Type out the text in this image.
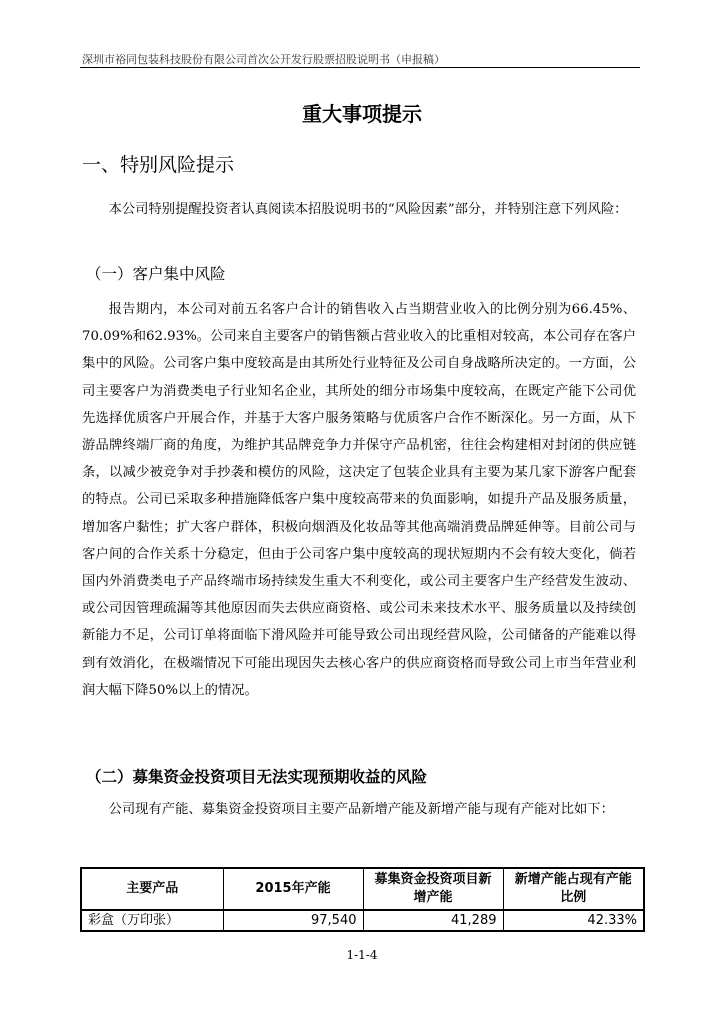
深圳市裕同包装科技股份有限公司首次公开发行股票招股说明书（申报稿）
重大事项提示
一、特别风险提示
本公司特别提醒投资者认真阅读本招股说明书的“风险因素”部分，并特别注意下列风险：
（一）客户集中风险
报告期内，本公司对前五名客户合计的销售收入占当期营业收入的比例分别为66.45%、70.09%和62.93%。公司来自主要客户的销售额占营业收入的比重相对较高，本公司存在客户集中的风险。公司客户集中度较高是由其所处行业特征及公司自身战略所决定的。一方面，公司主要客户为消费类电子行业知名企业，其所处的细分市场集中度较高，在既定产能下公司优先选择优质客户开展合作，并基于大客户服务策略与优质客户合作不断深化。另一方面，从下游品牌终端厂商的角度，为维护其品牌竞争力并保守产品机密，往往会构建相对封闭的供应链条，以减少被竞争对手抄袭和模仿的风险，这决定了包装企业具有主要为某几家下游客户配套的特点。公司已采取多种措施降低客户集中度较高带来的负面影响，如提升产品及服务质量，增加客户黏性；扩大客户群体，积极向烟酒及化妆品等其他高端消费品牌延伸等。目前公司与客户间的合作关系十分稳定，但由于公司客户集中度较高的现状短期内不会有较大变化，倘若国内外消费类电子产品终端市场持续发生重大不利变化，或公司主要客户生产经营发生波动、或公司因管理疏漏等其他原因而失去供应商资格、或公司未来技术水平、服务质量以及持续创新能力不足，公司订单将面临下滑风险并可能导致公司出现经营风险，公司储备的产能难以得到有效消化，在极端情况下可能出现因失去核心客户的供应商资格而导致公司上市当年营业利润大幅下降50%以上的情况。
（二）募集资金投资项目无法实现预期收益的风险
公司现有产能、募集资金投资项目主要产品新增产能及新增产能与现有产能对比如下：
主要产品	2015年产能	募集资金投资项目新增产能	新增产能占现有产能比例
彩盒（万印张）	97,540	41,289	42.33%
1-1-4
